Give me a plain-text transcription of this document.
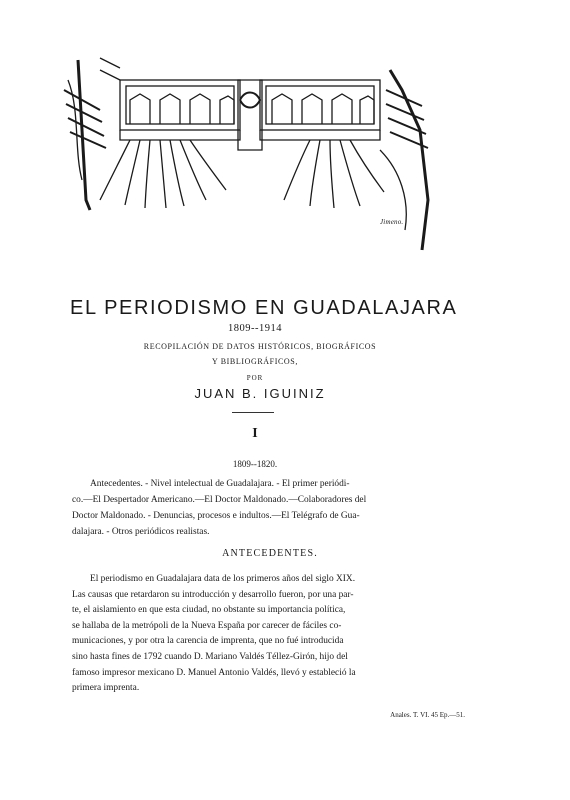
Jimeno.
EL PERIODISMO EN GUADALAJARA
1809--1914
RECOPILACIÓN DE DATOS HISTÓRICOS, BIOGRÁFICOS
Y BIBLIOGRÁFICOS,
POR
JUAN B. IGUINIZ
I
1809--1820.
Antecedentes. - Nivel intelectual de Guadalajara. - El primer periódi-
co.—El Despertador Americano.—El Doctor Maldonado.—Colaboradores del
Doctor Maldonado. - Denuncias, procesos e indultos.—El Telégrafo de Gua-
dalajara. - Otros periódicos realistas.
ANTECEDENTES.
El periodismo en Guadalajara data de los primeros años del siglo XIX.
Las causas que retardaron su introducción y desarrollo fueron, por una par-
te, el aislamiento en que esta ciudad, no obstante su importancia política,
se hallaba de la metrópoli de la Nueva España por carecer de fáciles co-
municaciones, y por otra la carencia de imprenta, que no fué introducida
sino hasta fines de 1792 cuando D. Mariano Valdés Téllez-Girón, hijo del
famoso impresor mexicano D. Manuel Antonio Valdés, llevó y estableció la
primera imprenta.
Anales. T. VI. 45 Ep.—51.
